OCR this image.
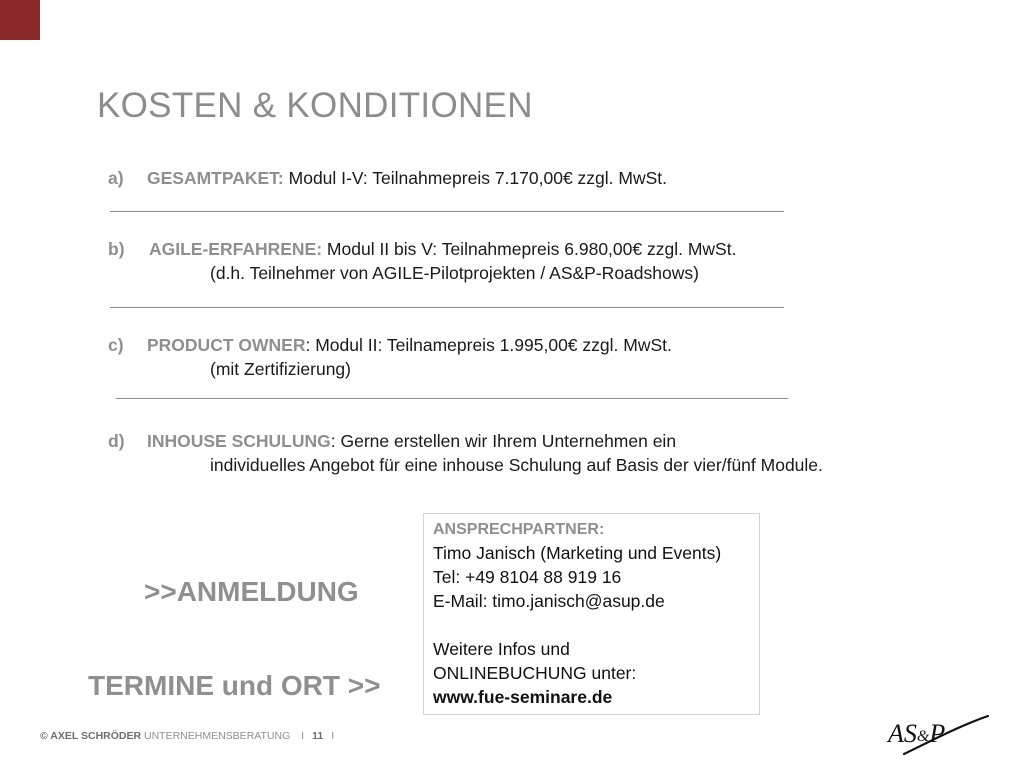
KOSTEN & KONDITIONEN
a) GESAMTPAKET: Modul I-V: Teilnahmepreis 7.170,00€ zzgl. MwSt.
b) AGILE-ERFAHRENE: Modul II bis V: Teilnahmepreis 6.980,00€ zzgl. MwSt.
(d.h. Teilnehmer von AGILE-Pilotprojekten / AS&P-Roadshows)
c) PRODUCT OWNER: Modul II: Teilnamepreis 1.995,00€ zzgl. MwSt.
(mit Zertifizierung)
d) INHOUSE SCHULUNG: Gerne erstellen wir Ihrem Unternehmen ein
individuelles Angebot für eine inhouse Schulung auf Basis der vier/fünf Module.
ANSPRECHPARTNER:
Timo Janisch (Marketing und Events)
Tel: +49 8104 88 919 16
E-Mail: timo.janisch@asup.de
Weitere Infos und
ONLINEBUCHUNG unter:
www.fue-seminare.de
>>ANMELDUNG
TERMINE und ORT >>
© AXEL SCHRÖDER UNTERNEHMENSBERATUNG I 11 I	AS&P
